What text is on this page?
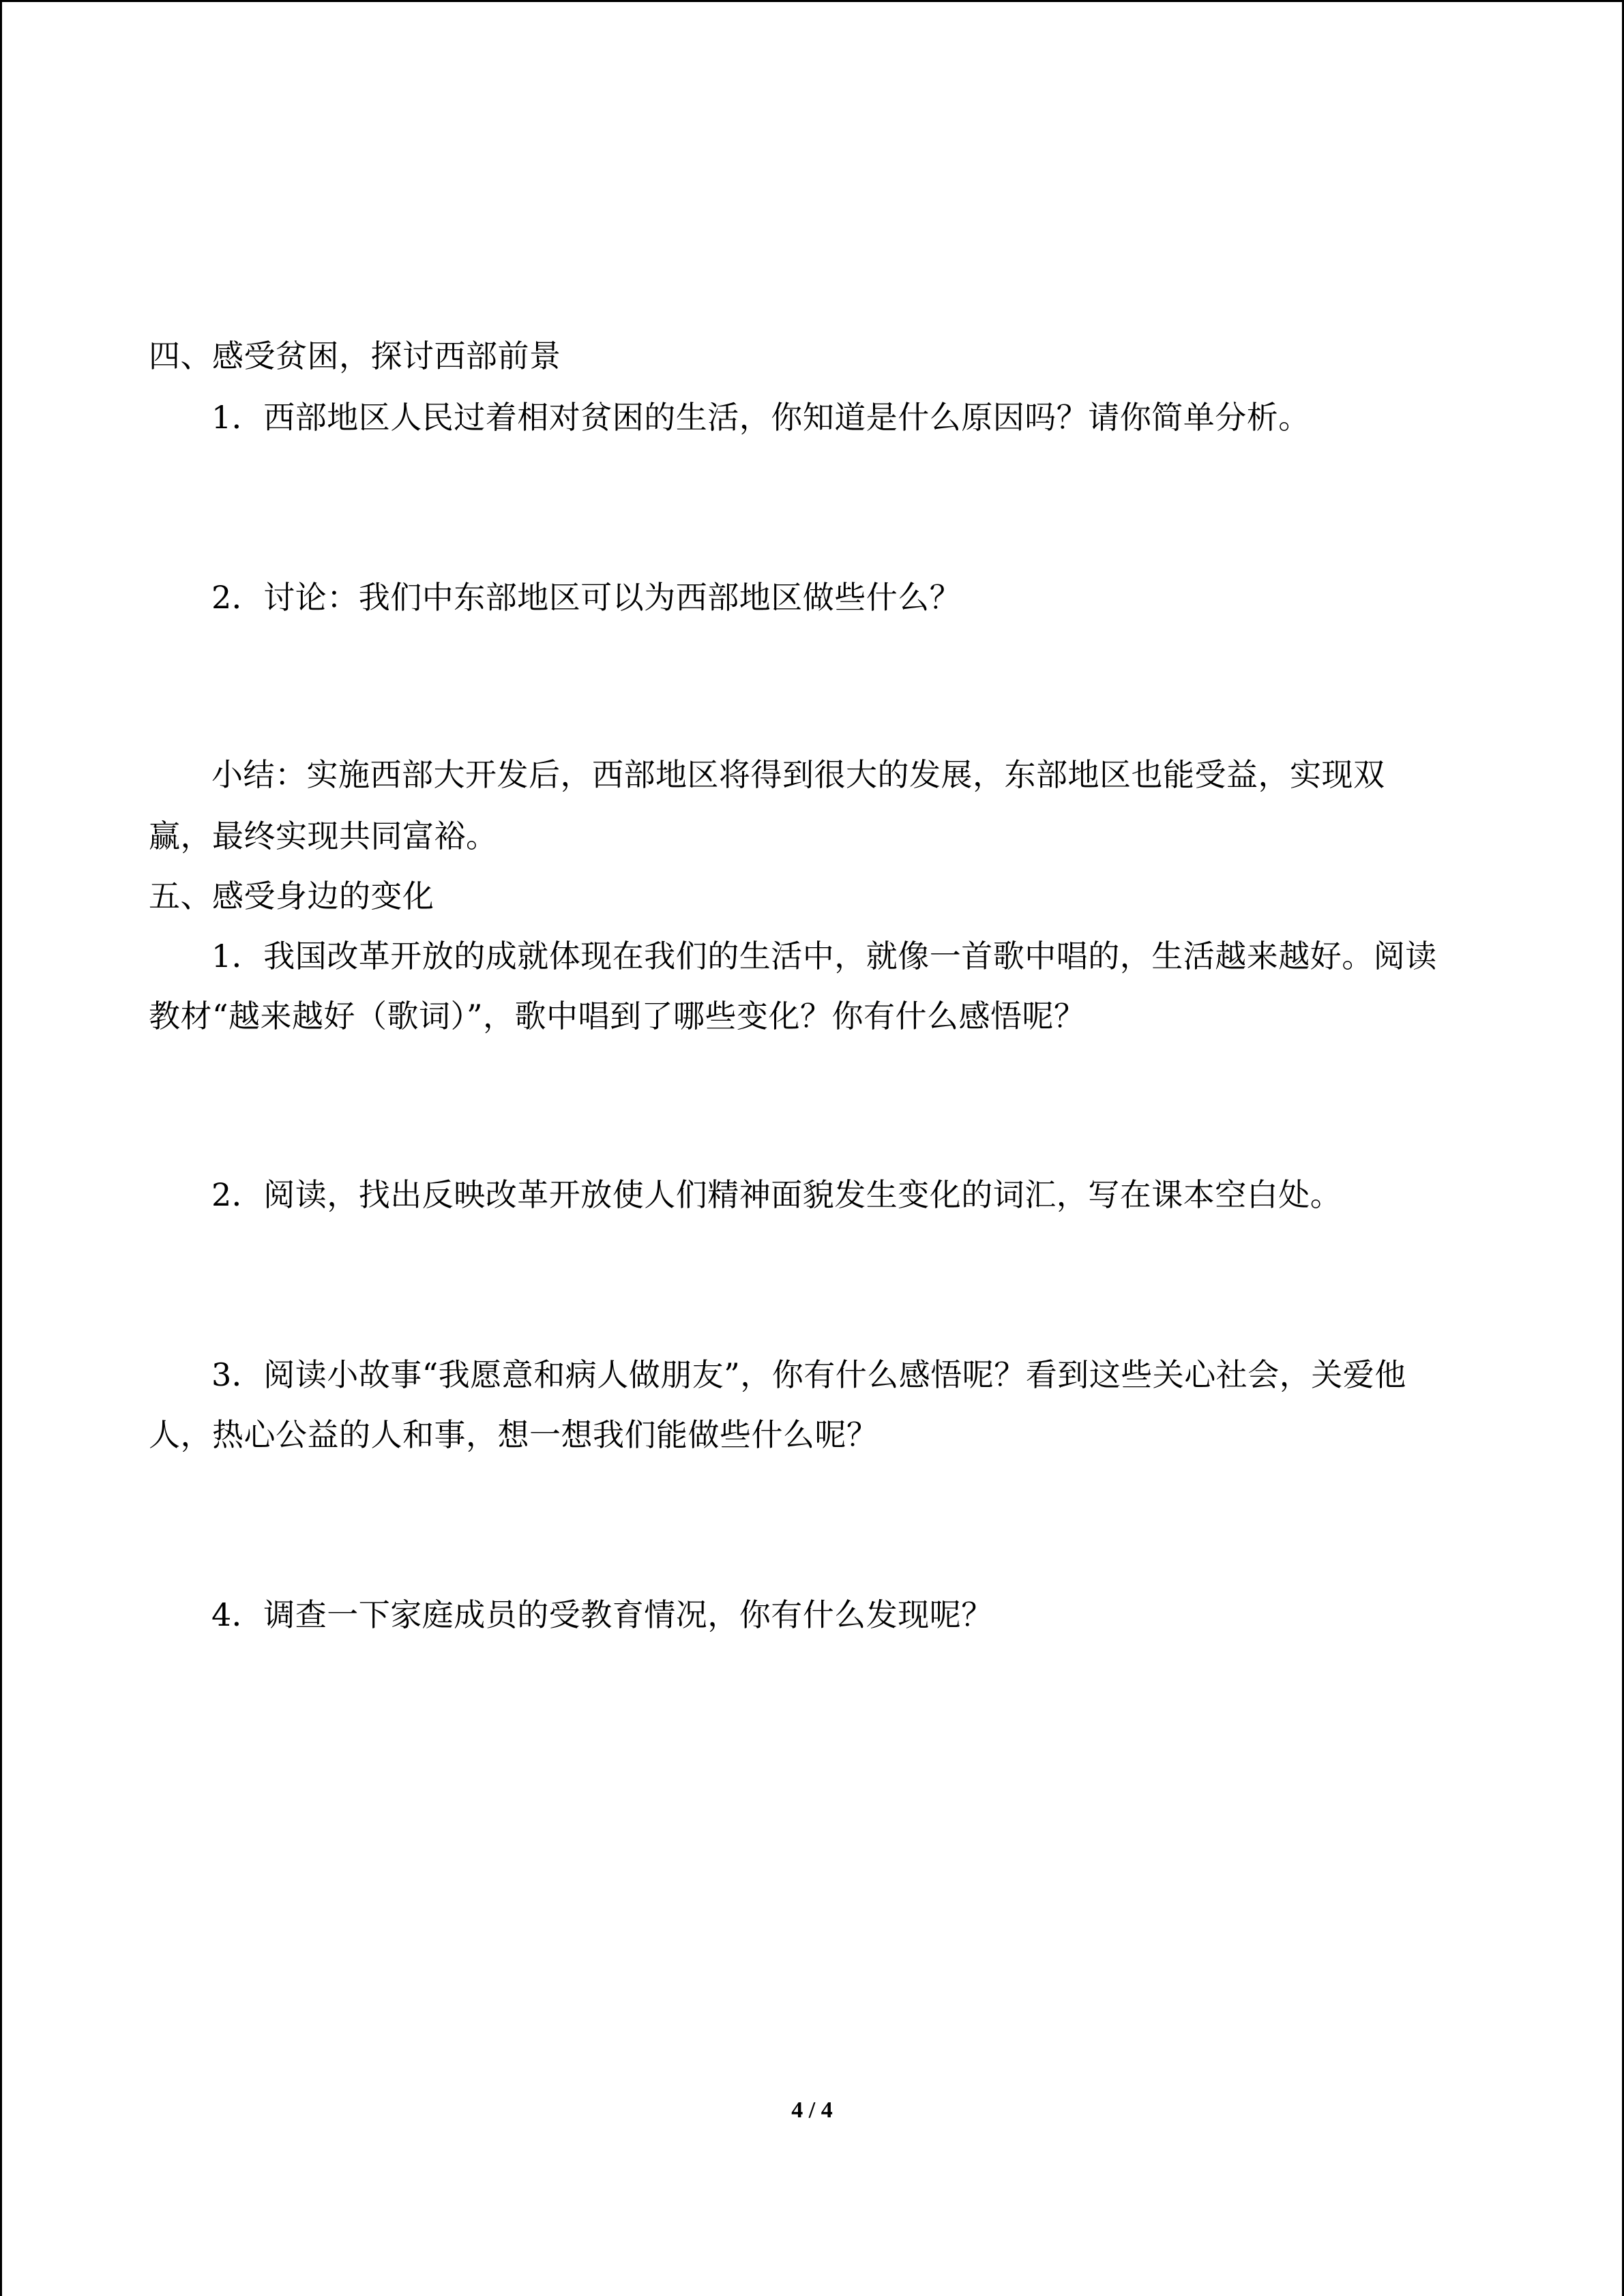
四、感受贫困，探讨西部前景
1．西部地区人民过着相对贫困的生活，你知道是什么原因吗？请你简单分析。
2．讨论：我们中东部地区可以为西部地区做些什么？
小结：实施西部大开发后，西部地区将得到很大的发展，东部地区也能受益，实现双
赢，最终实现共同富裕。
五、感受身边的变化
1．我国改革开放的成就体现在我们的生活中，就像一首歌中唱的，生活越来越好。阅读
教材“越来越好（歌词）”，歌中唱到了哪些变化？你有什么感悟呢？
2．阅读，找出反映改革开放使人们精神面貌发生变化的词汇，写在课本空白处。
3．阅读小故事“我愿意和病人做朋友”，你有什么感悟呢？看到这些关心社会，关爱他
人，热心公益的人和事，想一想我们能做些什么呢？
4．调查一下家庭成员的受教育情况，你有什么发现呢？
4 / 4
